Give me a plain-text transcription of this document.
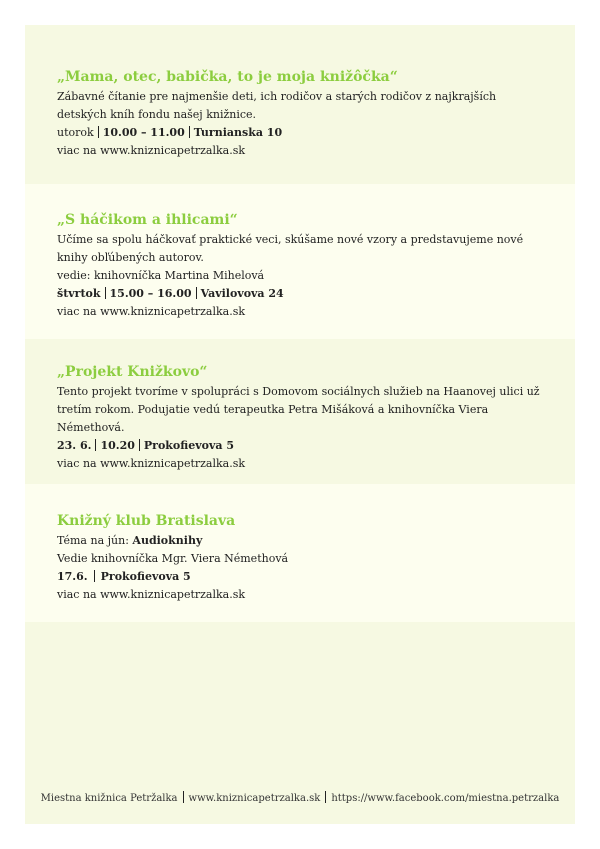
„Mama, otec, babička, to je moja knižôčka“
Zábavné čítanie pre najmenšie deti, ich rodičov a starých rodičov z najkrajších detských kníh fondu našej knižnice.
utorok 10.00 – 11.00 Turnianska 10
viac na www.kniznicapetrzalka.sk
„S háčikom a ihlicami“
Učíme sa spolu háčkovať praktické veci, skúšame nové vzory a predstavujeme nové knihy obľúbených autorov.
vedie: knihovníčka Martina Mihelová
štvrtok 15.00 – 16.00 Vavilovova 24
viac na www.kniznicapetrzalka.sk
„Projekt Knižkovo“
Tento projekt tvoríme v spolupráci s Domovom sociálnych služieb na Haanovej ulici už tretím rokom. Podujatie vedú terapeutka Petra Mišáková a knihovníčka Viera Némethová.
23. 6. 10.20 Prokofievova 5
viac na www.kniznicapetrzalka.sk
Knižný klub Bratislava
Téma na jún: Audioknihy
Vedie knihovníčka Mgr. Viera Némethová
17.6. Prokofievova 5
viac na www.kniznicapetrzalka.sk
Miestna knižnica Petržalka www.kniznicapetrzalka.sk https://www.facebook.com/miestna.petrzalka
